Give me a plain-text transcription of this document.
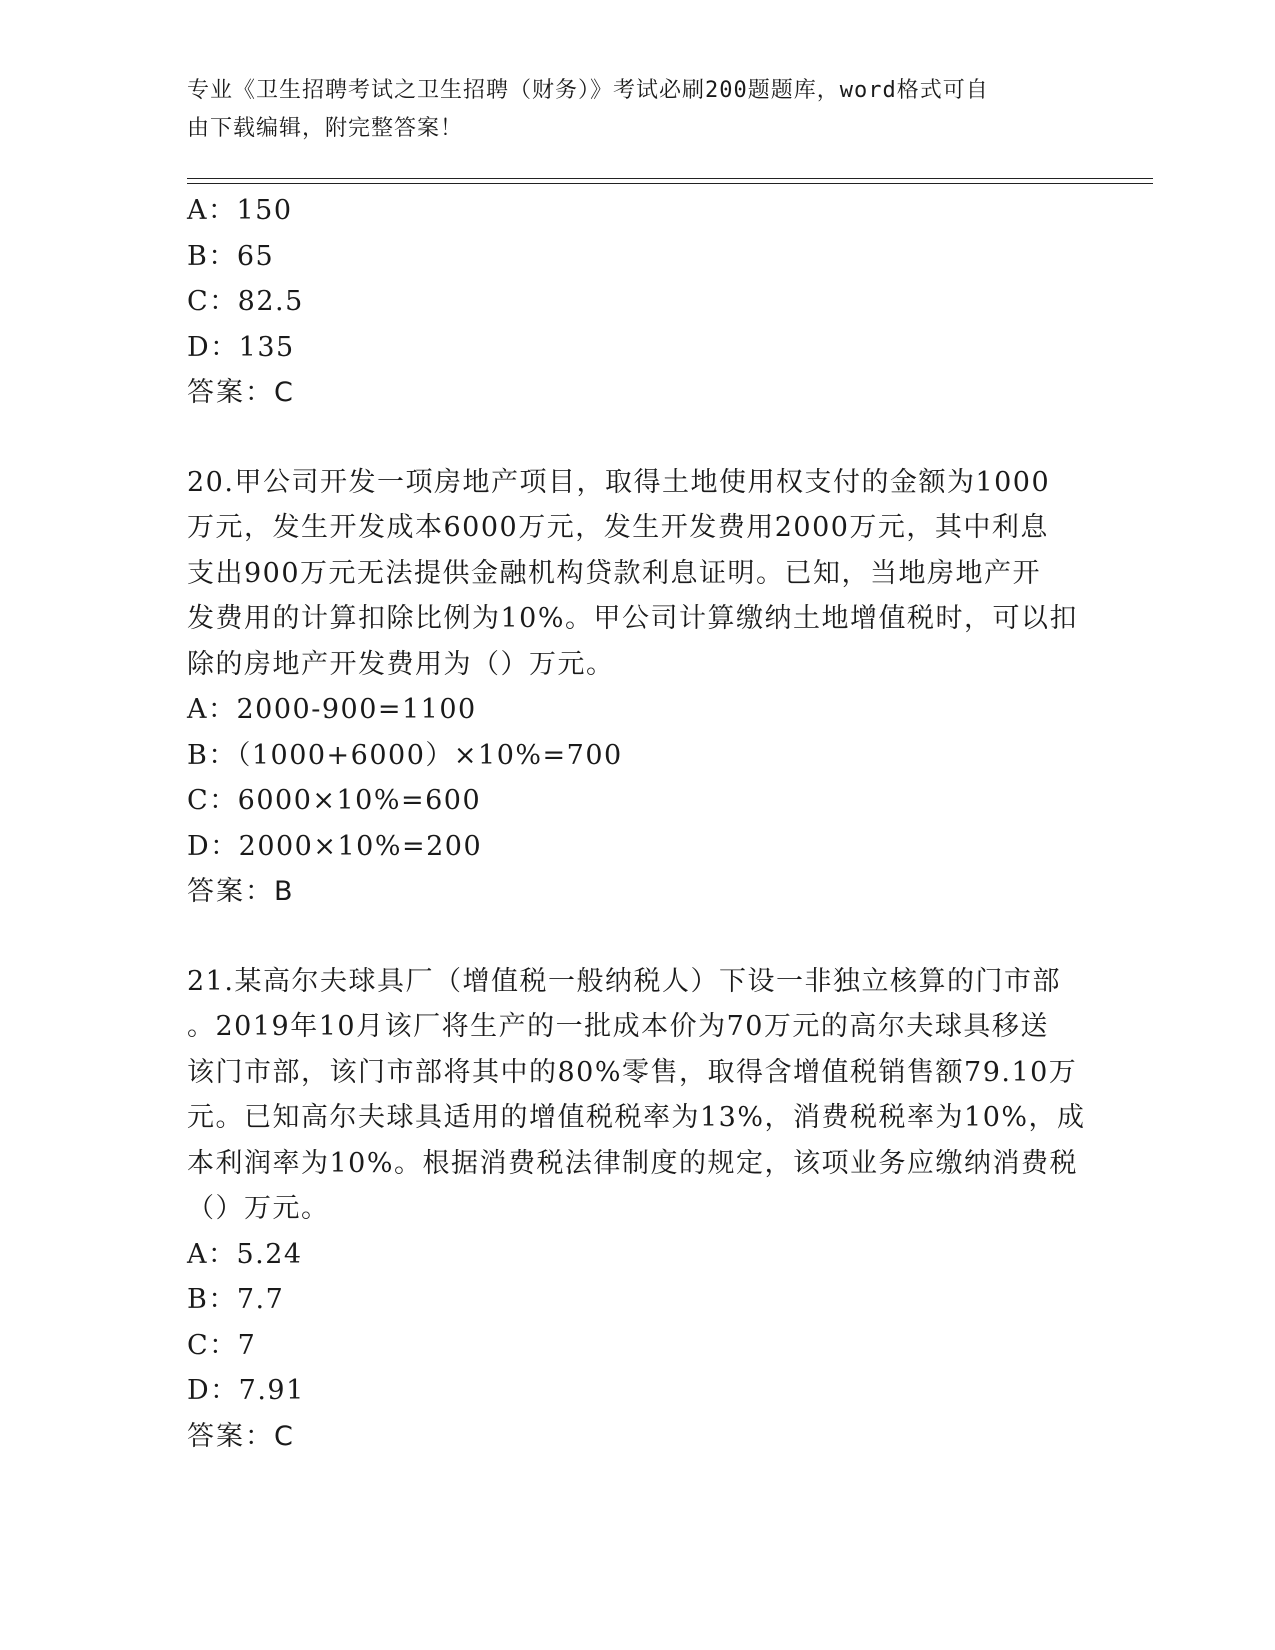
专业《卫生招聘考试之卫生招聘（财务）》考试必刷200题题库，word格式可自
由下载编辑，附完整答案！
A：150
B：65
C：82.5
D：135
答案：C
20.甲公司开发一项房地产项目，取得土地使用权支付的金额为1000
万元，发生开发成本6000万元，发生开发费用2000万元，其中利息
支出900万元无法提供金融机构贷款利息证明。已知，当地房地产开
发费用的计算扣除比例为10%。甲公司计算缴纳土地增值税时，可以扣
除的房地产开发费用为（）万元。
A：2000-900=1100
B：（1000+6000）×10%=700
C：6000×10%=600
D：2000×10%=200
答案：B
21.某高尔夫球具厂（增值税一般纳税人）下设一非独立核算的门市部
。2019年10月该厂将生产的一批成本价为70万元的高尔夫球具移送
该门市部，该门市部将其中的80%零售，取得含增值税销售额79.10万
元。已知高尔夫球具适用的增值税税率为13%，消费税税率为10%，成
本利润率为10%。根据消费税法律制度的规定，该项业务应缴纳消费税
（）万元。
A：5.24
B：7.7
C：7
D：7.91
答案：C
